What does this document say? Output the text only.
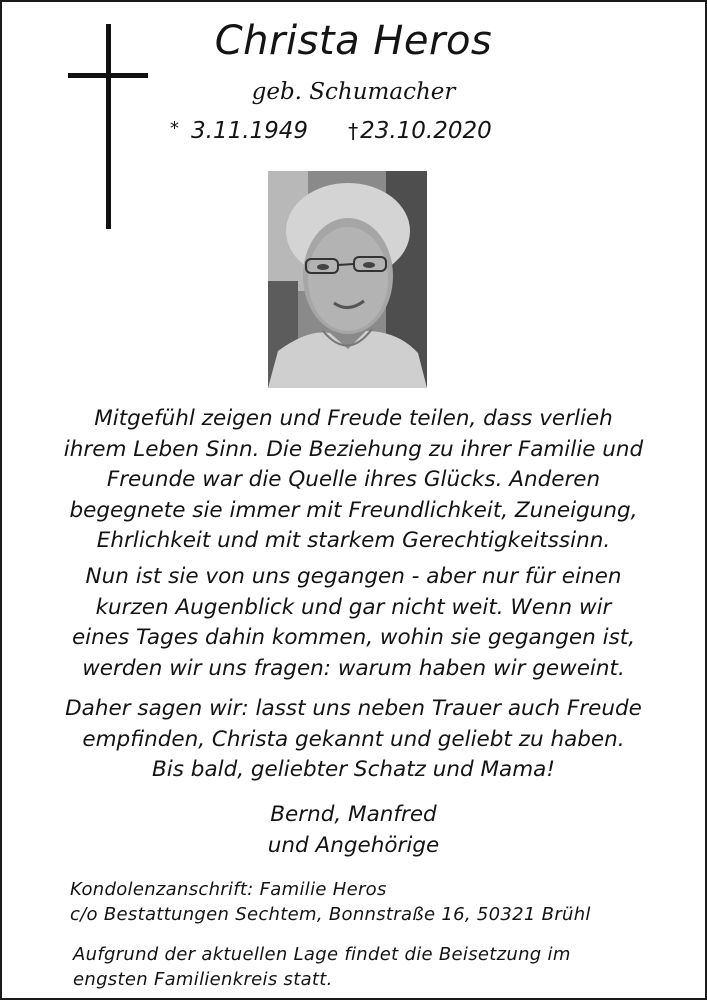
Christa Heros
geb. Schumacher
* 3.11.1949 † 23.10.2020
Mitgefühl zeigen und Freude teilen, dass verlieh
ihrem Leben Sinn. Die Beziehung zu ihrer Familie und
Freunde war die Quelle ihres Glücks. Anderen
begegnete sie immer mit Freundlichkeit, Zuneigung,
Ehrlichkeit und mit starkem Gerechtigkeitssinn.
Nun ist sie von uns gegangen - aber nur für einen
kurzen Augenblick und gar nicht weit. Wenn wir
eines Tages dahin kommen, wohin sie gegangen ist,
werden wir uns fragen: warum haben wir geweint.
Daher sagen wir: lasst uns neben Trauer auch Freude
empfinden, Christa gekannt und geliebt zu haben.
Bis bald, geliebter Schatz und Mama!
Bernd, Manfred
und Angehörige
Kondolenzanschrift: Familie Heros
c/o Bestattungen Sechtem, Bonnstraße 16, 50321 Brühl
Aufgrund der aktuellen Lage findet die Beisetzung im
engsten Familienkreis statt.
